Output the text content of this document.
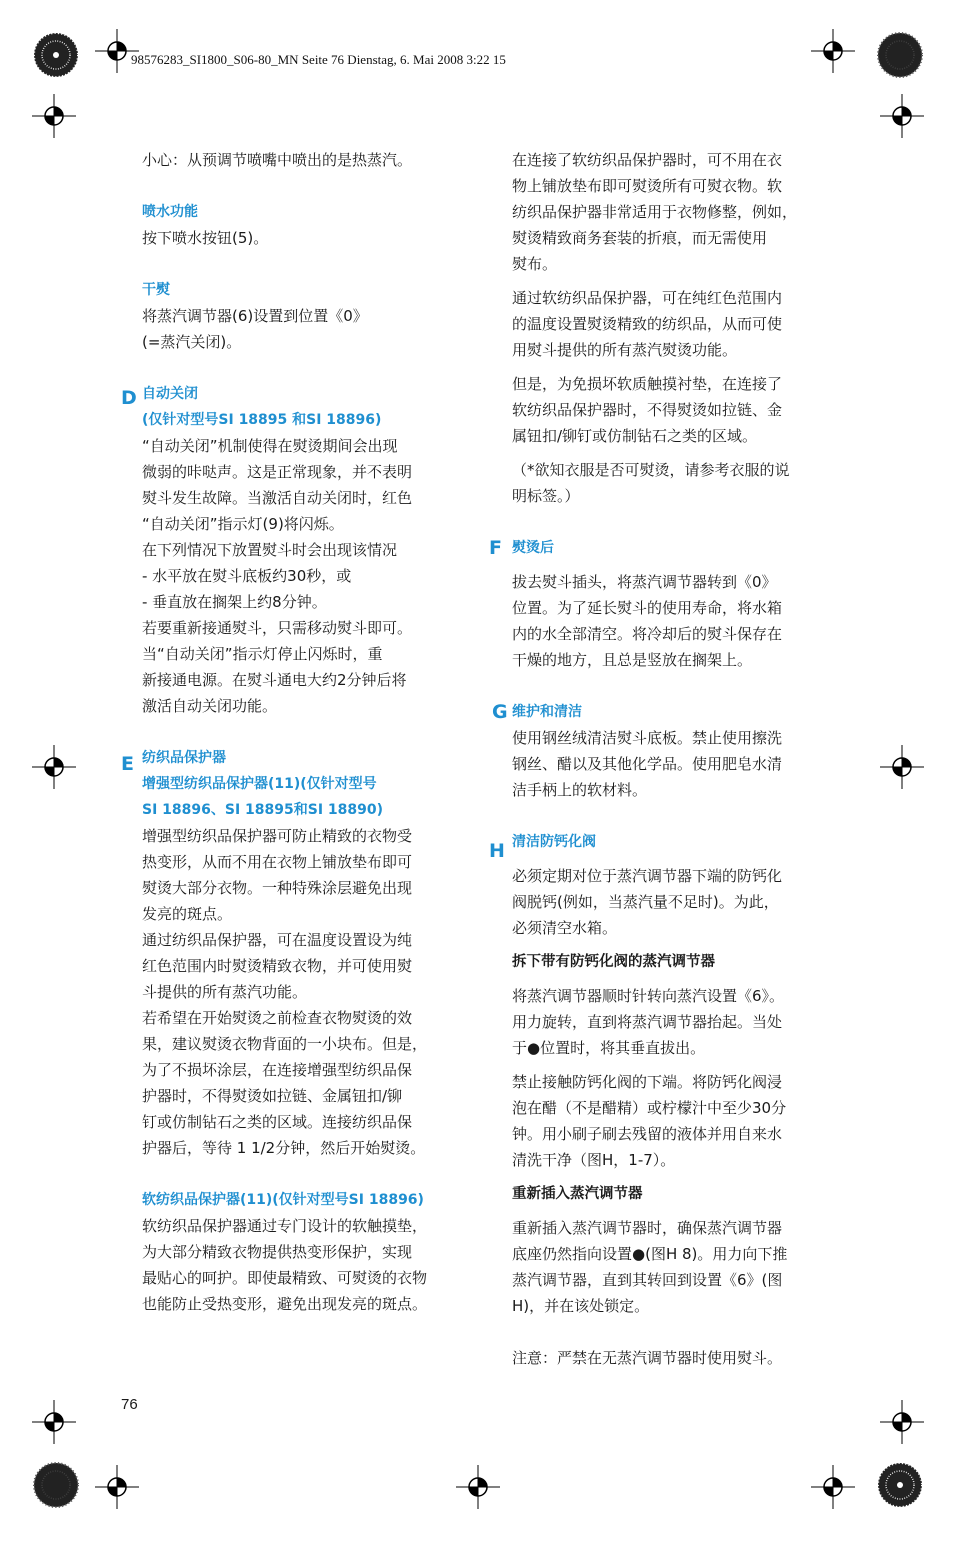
98576283_SI1800_S06-80_MN Seite 76 Dienstag, 6. Mai 2008 3:22 15

小心：从预调节喷嘴中喷出的是热蒸汽。

喷水功能

按下喷水按钮(5)。

干熨

将蒸汽调节器(6)设置到位置《0》

(=蒸汽关闭)。

自动关闭

(仅针对型号SI 18895 和SI 18896)

“自动关闭”机制使得在熨烫期间会出现

微弱的咔哒声。这是正常现象，并不表明

熨斗发生故障。当激活自动关闭时，红色

“自动关闭”指示灯(9)将闪烁。

在下列情况下放置熨斗时会出现该情况

- 水平放在熨斗底板约30秒，或

- 垂直放在搁架上约8分钟。

若要重新接通熨斗，只需移动熨斗即可。

当“自动关闭”指示灯停止闪烁时，重

新接通电源。在熨斗通电大约2分钟后将

激活自动关闭功能。

纺织品保护器

增强型纺织品保护器(11)(仅针对型号

SI 18896、SI 18895和SI 18890)

增强型纺织品保护器可防止精致的衣物受

热变形，从而不用在衣物上铺放垫布即可

熨烫大部分衣物。一种特殊涂层避免出现

发亮的斑点。

通过纺织品保护器，可在温度设置设为纯

红色范围内时熨烫精致衣物，并可使用熨

斗提供的所有蒸汽功能。

若希望在开始熨烫之前检查衣物熨烫的效

果，建议熨烫衣物背面的一小块布。但是，

为了不损坏涂层，在连接增强型纺织品保

护器时，不得熨烫如拉链、金属钮扣/铆

钉或仿制钻石之类的区域。连接纺织品保

护器后，等待 1 1/2分钟，然后开始熨烫。

软纺织品保护器(11)(仅针对型号SI 18896)

软纺织品保护器通过专门设计的软触摸垫，

为大部分精致衣物提供热变形保护，实现

最贴心的呵护。即使最精致、可熨烫的衣物

也能防止受热变形，避免出现发亮的斑点。

D
E

在连接了软纺织品保护器时，可不用在衣

物上铺放垫布即可熨烫所有可熨衣物。软

纺织品保护器非常适用于衣物修整，例如，

熨烫精致商务套装的折痕，而无需使用

熨布。

通过软纺织品保护器，可在纯红色范围内

的温度设置熨烫精致的纺织品，从而可使

用熨斗提供的所有蒸汽熨烫功能。

但是，为免损坏软质触摸衬垫，在连接了

软纺织品保护器时，不得熨烫如拉链、金

属钮扣/铆钉或仿制钻石之类的区域。

（*欲知衣服是否可熨烫，请参考衣服的说

明标签。）

熨烫后

拔去熨斗插头，将蒸汽调节器转到《0》

位置。为了延长熨斗的使用寿命，将水箱

内的水全部清空。将冷却后的熨斗保存在

干燥的地方，且总是竖放在搁架上。

维护和清洁

使用钢丝绒清洁熨斗底板。禁止使用擦洗

钢丝、醋以及其他化学品。使用肥皂水清

洁手柄上的软材料。

清洁防钙化阀

必须定期对位于蒸汽调节器下端的防钙化

阀脱钙(例如，当蒸汽量不足时)。为此，

必须清空水箱。

拆下带有防钙化阀的蒸汽调节器

将蒸汽调节器顺时针转向蒸汽设置《6》。

用力旋转，直到将蒸汽调节器抬起。当处

于●位置时，将其垂直拔出。

禁止接触防钙化阀的下端。将防钙化阀浸

泡在醋（不是醋精）或柠檬汁中至少30分

钟。用小刷子刷去残留的液体并用自来水

清洗干净（图H，1-7）。

重新插入蒸汽调节器

重新插入蒸汽调节器时，确保蒸汽调节器

底座仍然指向设置●(图H 8)。用力向下推

蒸汽调节器，直到其转回到设置《6》(图

H)，并在该处锁定。

注意：严禁在无蒸汽调节器时使用熨斗。

F
G
H
76
